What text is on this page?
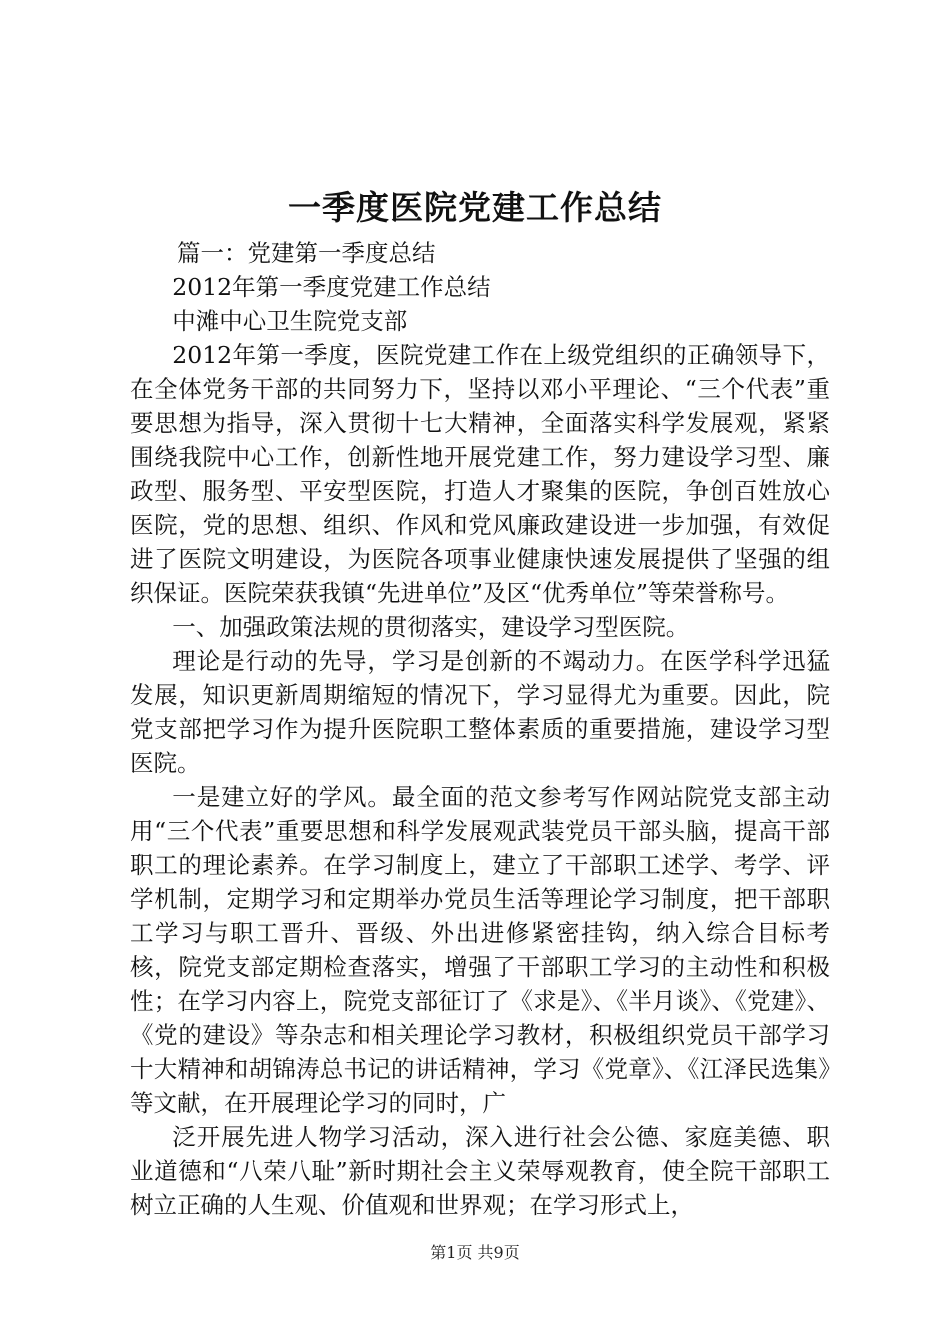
一季度医院党建工作总结

篇一：党建第一季度总结

2012年第一季度党建工作总结

中滩中心卫生院党支部

2012年第一季度，医院党建工作在上级党组织的正确领导下，在全体党务干部的共同努力下，坚持以邓小平理论、“三个代表”重要思想为指导，深入贯彻十七大精神，全面落实科学发展观，紧紧围绕我院中心工作，创新性地开展党建工作，努力建设学习型、廉政型、服务型、平安型医院，打造人才聚集的医院，争创百姓放心医院，党的思想、组织、作风和党风廉政建设进一步加强，有效促进了医院文明建设，为医院各项事业健康快速发展提供了坚强的组织保证。医院荣获我镇“先进单位”及区“优秀单位”等荣誉称号。

一、加强政策法规的贯彻落实，建设学习型医院。

理论是行动的先导，学习是创新的不竭动力。在医学科学迅猛发展，知识更新周期缩短的情况下，学习显得尤为重要。因此，院党支部把学习作为提升医院职工整体素质的重要措施，建设学习型医院。

一是建立好的学风。最全面的范文参考写作网站院党支部主动用“三个代表”重要思想和科学发展观武装党员干部头脑，提高干部职工的理论素养。在学习制度上，建立了干部职工述学、考学、评学机制，定期学习和定期举办党员生活等理论学习制度，把干部职工学习与职工晋升、晋级、外出进修紧密挂钩，纳入综合目标考核，院党支部定期检查落实，增强了干部职工学习的主动性和积极性；在学习内容上，院党支部征订了《求是》、《半月谈》、《党建》、《党的建设》等杂志和相关理论学习教材，积极组织党员干部学习十大精神和胡锦涛总书记的讲话精神，学习《党章》、《江泽民选集》等文献，在开展理论学习的同时，广

泛开展先进人物学习活动，深入进行社会公德、家庭美德、职业道德和“八荣八耻”新时期社会主义荣辱观教育，使全院干部职工树立正确的人生观、价值观和世界观；在学习形式上，

第1页 共9页
